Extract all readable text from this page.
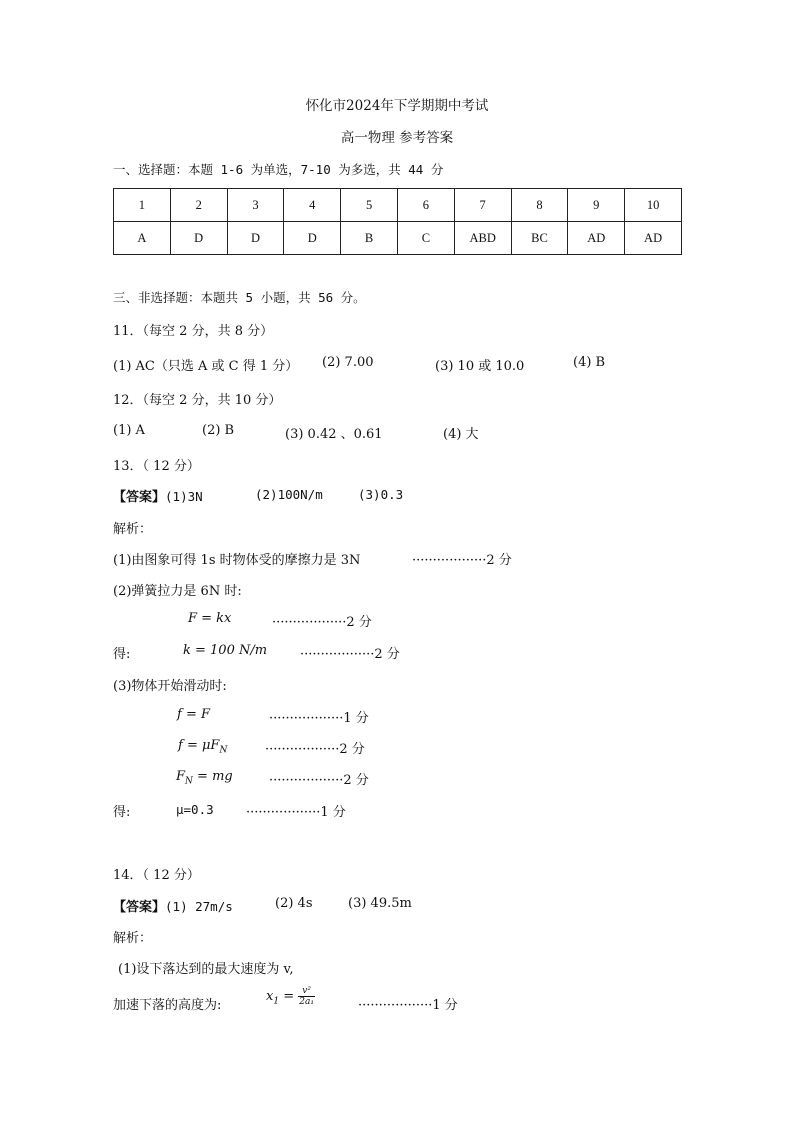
怀化市2024年下学期期中考试
高一物理 参考答案
一、选择题：本题 1-6 为单选，7-10 为多选，共 44 分
1	2	3	4	5	6	7	8	9	10
A	D	D	D	B	C	ABD	BC	AD	AD
三、非选择题：本题共 5 小题，共 56 分。
11．（每空 2 分，共 8 分）
(1) AC（只选 A 或 C 得 1 分） (2) 7.00	(3) 10 或 10.0	(4) B
12．（每空 2 分，共 10 分）
(1) A	(2) B	(3) 0.42 、0.61	(4) 大
13．（ 12 分）
【答案】(1)3N	(2)100N/m	(3)0.3
解析：
(1)由图象可得 1s 时物体受的摩擦力是 3N	··················2 分
(2)弹簧拉力是 6N 时:
F = kx	··················2 分
得:	k = 100 N/m	··················2 分
(3)物体开始滑动时:
f = F	··················1 分
$f = \mu F_N$	··················2 分
$F_N$ = mg	··················2 分
得:	μ=0.3 ··················1 分
14．（ 12 分）
【答案】(1) 27m/s	(2) 4s	(3) 49.5m
解析：
(1)设下落达到的最大速度为 v,
加速下落的高度为:
$x_1 = \frac{\text{v²}}{\text{2a₁}}$	··················1 分
